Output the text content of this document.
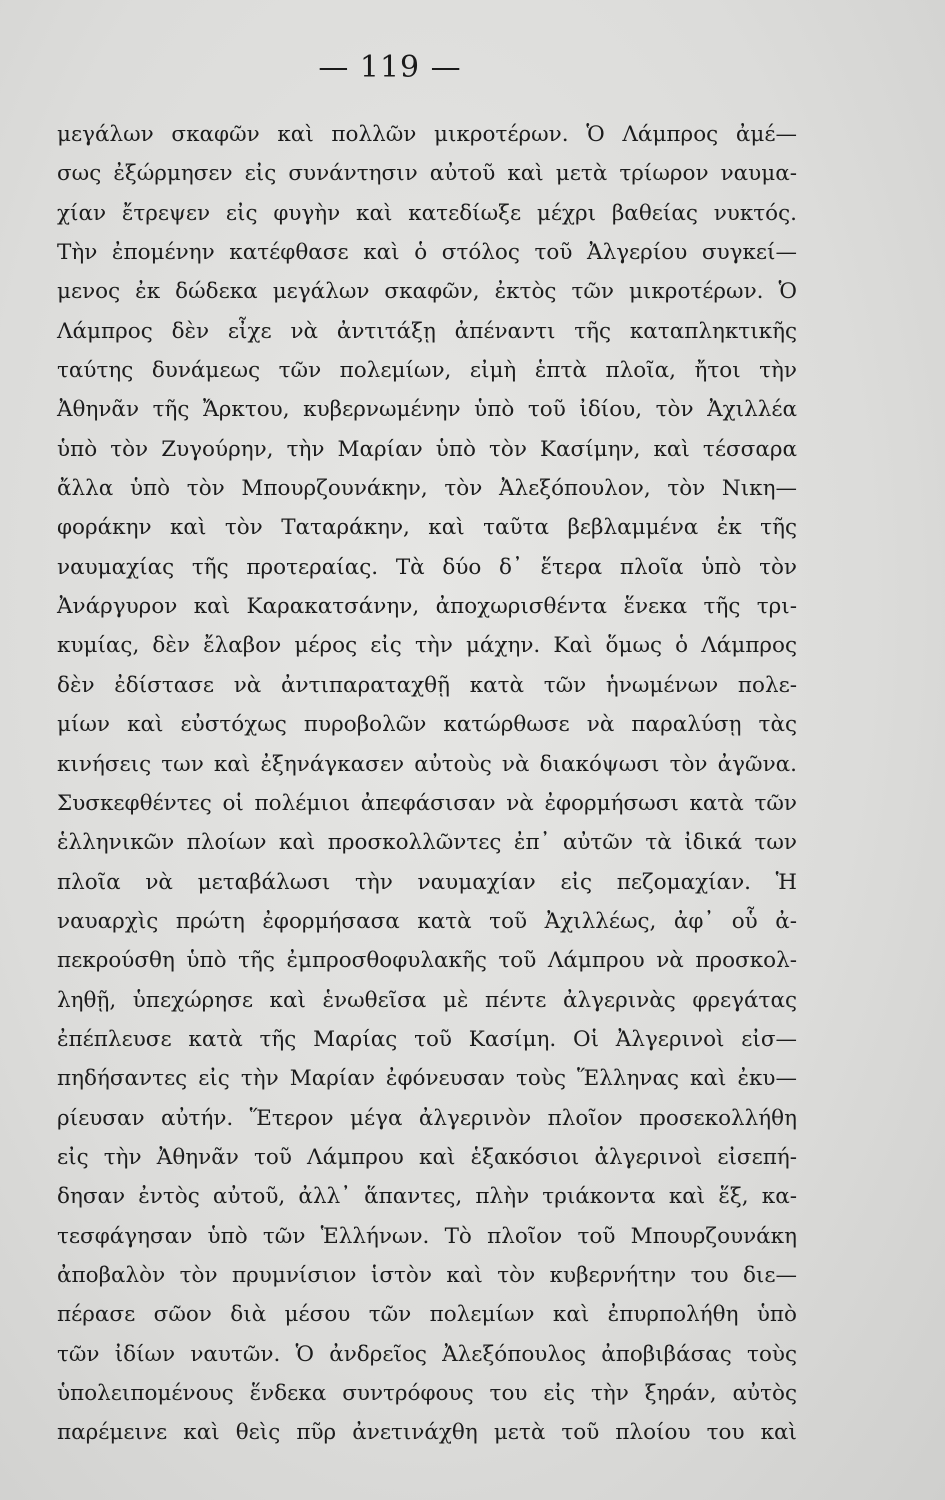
— 119 —
μεγάλων σκαφῶν καὶ πολλῶν μικροτέρων. Ὁ Λάμπρος ἀμέ—
σως ἐξώρμησεν εἰς συνάντησιν αὐτοῦ καὶ μετὰ τρίωρον ναυμα-
χίαν ἔτρεψεν εἰς φυγὴν καὶ κατεδίωξε μέχρι βαθείας νυκτός.
Τὴν ἐπομένην κατέφθασε καὶ ὁ στόλος τοῦ Ἀλγερίου συγκεί—
μενος ἐκ δώδεκα μεγάλων σκαφῶν, ἐκτὸς τῶν μικροτέρων. Ὁ
Λάμπρος δὲν εἶχε νὰ ἀντιτάξῃ ἀπέναντι τῆς καταπληκτικῆς
ταύτης δυνάμεως τῶν πολεμίων, εἰμὴ ἑπτὰ πλοῖα, ἤτοι τὴν
Ἀθηνᾶν τῆς Ἄρκτου, κυβερνωμένην ὑπὸ τοῦ ἰδίου, τὸν Ἀχιλλέα
ὑπὸ τὸν Ζυγούρην, τὴν Μαρίαν ὑπὸ τὸν Κασίμην, καὶ τέσσαρα
ἄλλα ὑπὸ τὸν Μπουρζουνάκην, τὸν Ἀλεξόπουλον, τὸν Νικη—
φοράκην καὶ τὸν Ταταράκην, καὶ ταῦτα βεβλαμμένα ἐκ τῆς
ναυμαχίας τῆς προτεραίας. Τὰ δύο δ᾽ ἕτερα πλοῖα ὑπὸ τὸν
Ἀνάργυρον καὶ Καρακατσάνην, ἀποχωρισθέντα ἕνεκα τῆς τρι-
κυμίας, δὲν ἔλαβον μέρος εἰς τὴν μάχην. Καὶ ὅμως ὁ Λάμπρος
δὲν ἐδίστασε νὰ ἀντιπαραταχθῇ κατὰ τῶν ἡνωμένων πολε-
μίων καὶ εὐστόχως πυροβολῶν κατώρθωσε νὰ παραλύσῃ τὰς
κινήσεις των καὶ ἐξηνάγκασεν αὐτοὺς νὰ διακόψωσι τὸν ἀγῶνα.
Συσκεφθέντες οἱ πολέμιοι ἀπεφάσισαν νὰ ἐφορμήσωσι κατὰ τῶν
ἑλληνικῶν πλοίων καὶ προσκολλῶντες ἐπ᾽ αὐτῶν τὰ ἰδικά των
πλοῖα νὰ μεταβάλωσι τὴν ναυμαχίαν εἰς πεζομαχίαν. Ἡ
ναυαρχὶς πρώτη ἐφορμήσασα κατὰ τοῦ Ἀχιλλέως, ἀφ᾽ οὗ ἀ-
πεκρούσθη ὑπὸ τῆς ἐμπροσθοφυλακῆς τοῦ Λάμπρου νὰ προσκολ-
ληθῇ, ὑπεχώρησε καὶ ἑνωθεῖσα μὲ πέντε ἀλγερινὰς φρεγάτας
ἐπέπλευσε κατὰ τῆς Μαρίας τοῦ Κασίμη. Οἱ Ἀλγερινοὶ εἰσ—
πηδήσαντες εἰς τὴν Μαρίαν ἐφόνευσαν τοὺς Ἕλληνας καὶ ἐκυ—
ρίευσαν αὐτήν. Ἕτερον μέγα ἀλγερινὸν πλοῖον προσεκολλήθη
εἰς τὴν Ἀθηνᾶν τοῦ Λάμπρου καὶ ἑξακόσιοι ἀλγερινοὶ εἰσεπή-
δησαν ἐντὸς αὐτοῦ, ἀλλ᾽ ἅπαντες, πλὴν τριάκοντα καὶ ἕξ, κα-
τεσφάγησαν ὑπὸ τῶν Ἑλλήνων. Τὸ πλοῖον τοῦ Μπουρζουνάκη
ἀποβαλὸν τὸν πρυμνίσιον ἱστὸν καὶ τὸν κυβερνήτην του διε—
πέρασε σῶον διὰ μέσου τῶν πολεμίων καὶ ἐπυρπολήθη ὑπὸ
τῶν ἰδίων ναυτῶν. Ὁ ἀνδρεῖος Ἀλεξόπουλος ἀποβιβάσας τοὺς
ὑπολειπομένους ἕνδεκα συντρόφους του εἰς τὴν ξηράν, αὐτὸς
παρέμεινε καὶ θεὶς πῦρ ἀνετινάχθη μετὰ τοῦ πλοίου του καὶ
